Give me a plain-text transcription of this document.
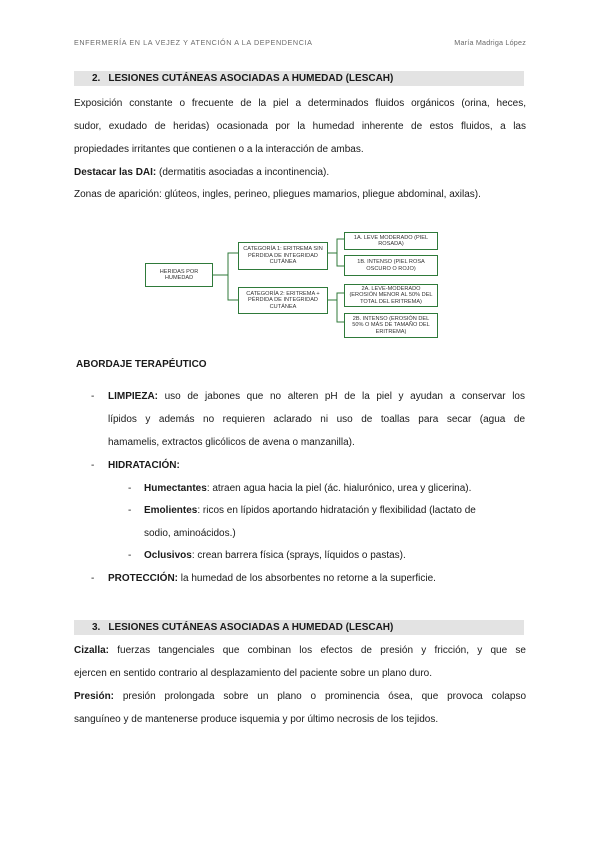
ENFERMERÍA EN LA VEJEZ Y ATENCIÓN A LA DEPENDENCIA	María Madriga López
2. LESIONES CUTÁNEAS ASOCIADAS A HUMEDAD (LESCAH)
Exposición constante o frecuente de la piel a determinados fluidos orgánicos (orina, heces,
sudor, exudado de heridas) ocasionada por la humedad inherente de estos fluidos, a las
propiedades irritantes que contienen o a la interacción de ambas.
Destacar las DAI: (dermatitis asociadas a incontinencia).
Zonas de aparición: glúteos, ingles, perineo, pliegues mamarios, pliegue abdominal, axilas).
HERIDAS POR HUMEDAD
CATEGORÍA 1: ERITREMA SIN PÉRDIDA DE INTEGRIDAD CUTÁNEA
CATEGORÍA 2: ERITREMA + PÉRDIDA DE INTEGRIDAD CUTÁNEA
1A. LEVE MODERADO (PIEL ROSADA)
1B. INTENSO (PIEL ROSA OSCURO O ROJO)
2A. LEVE-MODERADO (EROSIÓN MENOR AL 50% DEL TOTAL DEL ERITREMA)
2B. INTENSO (EROSIÓN DEL 50% O MÁS DE TAMAÑO DEL ERITREMA)
ABORDAJE TERAPÉUTICO
- LIMPIEZA: uso de jabones que no alteren pH de la piel y ayudan a conservar los
lípidos y además no requieren aclarado ni uso de toallas para secar (agua de
hamamelis, extractos glicólicos de avena o manzanilla).
- HIDRATACIÓN:
- Humectantes: atraen agua hacia la piel (ác. hialurónico, urea y glicerina).
- Emolientes: ricos en lípidos aportando hidratación y flexibilidad (lactato de
sodio, aminoácidos.)
- Oclusivos: crean barrera física (sprays, líquidos o pastas).
- PROTECCIÓN: la humedad de los absorbentes no retorne a la superficie.
3. LESIONES CUTÁNEAS ASOCIADAS A HUMEDAD (LESCAH)
Cizalla: fuerzas tangenciales que combinan los efectos de presión y fricción, y que se
ejercen en sentido contrario al desplazamiento del paciente sobre un plano duro.
Presión: presión prolongada sobre un plano o prominencia ósea, que provoca colapso
sanguíneo y de mantenerse produce isquemia y por último necrosis de los tejidos.
